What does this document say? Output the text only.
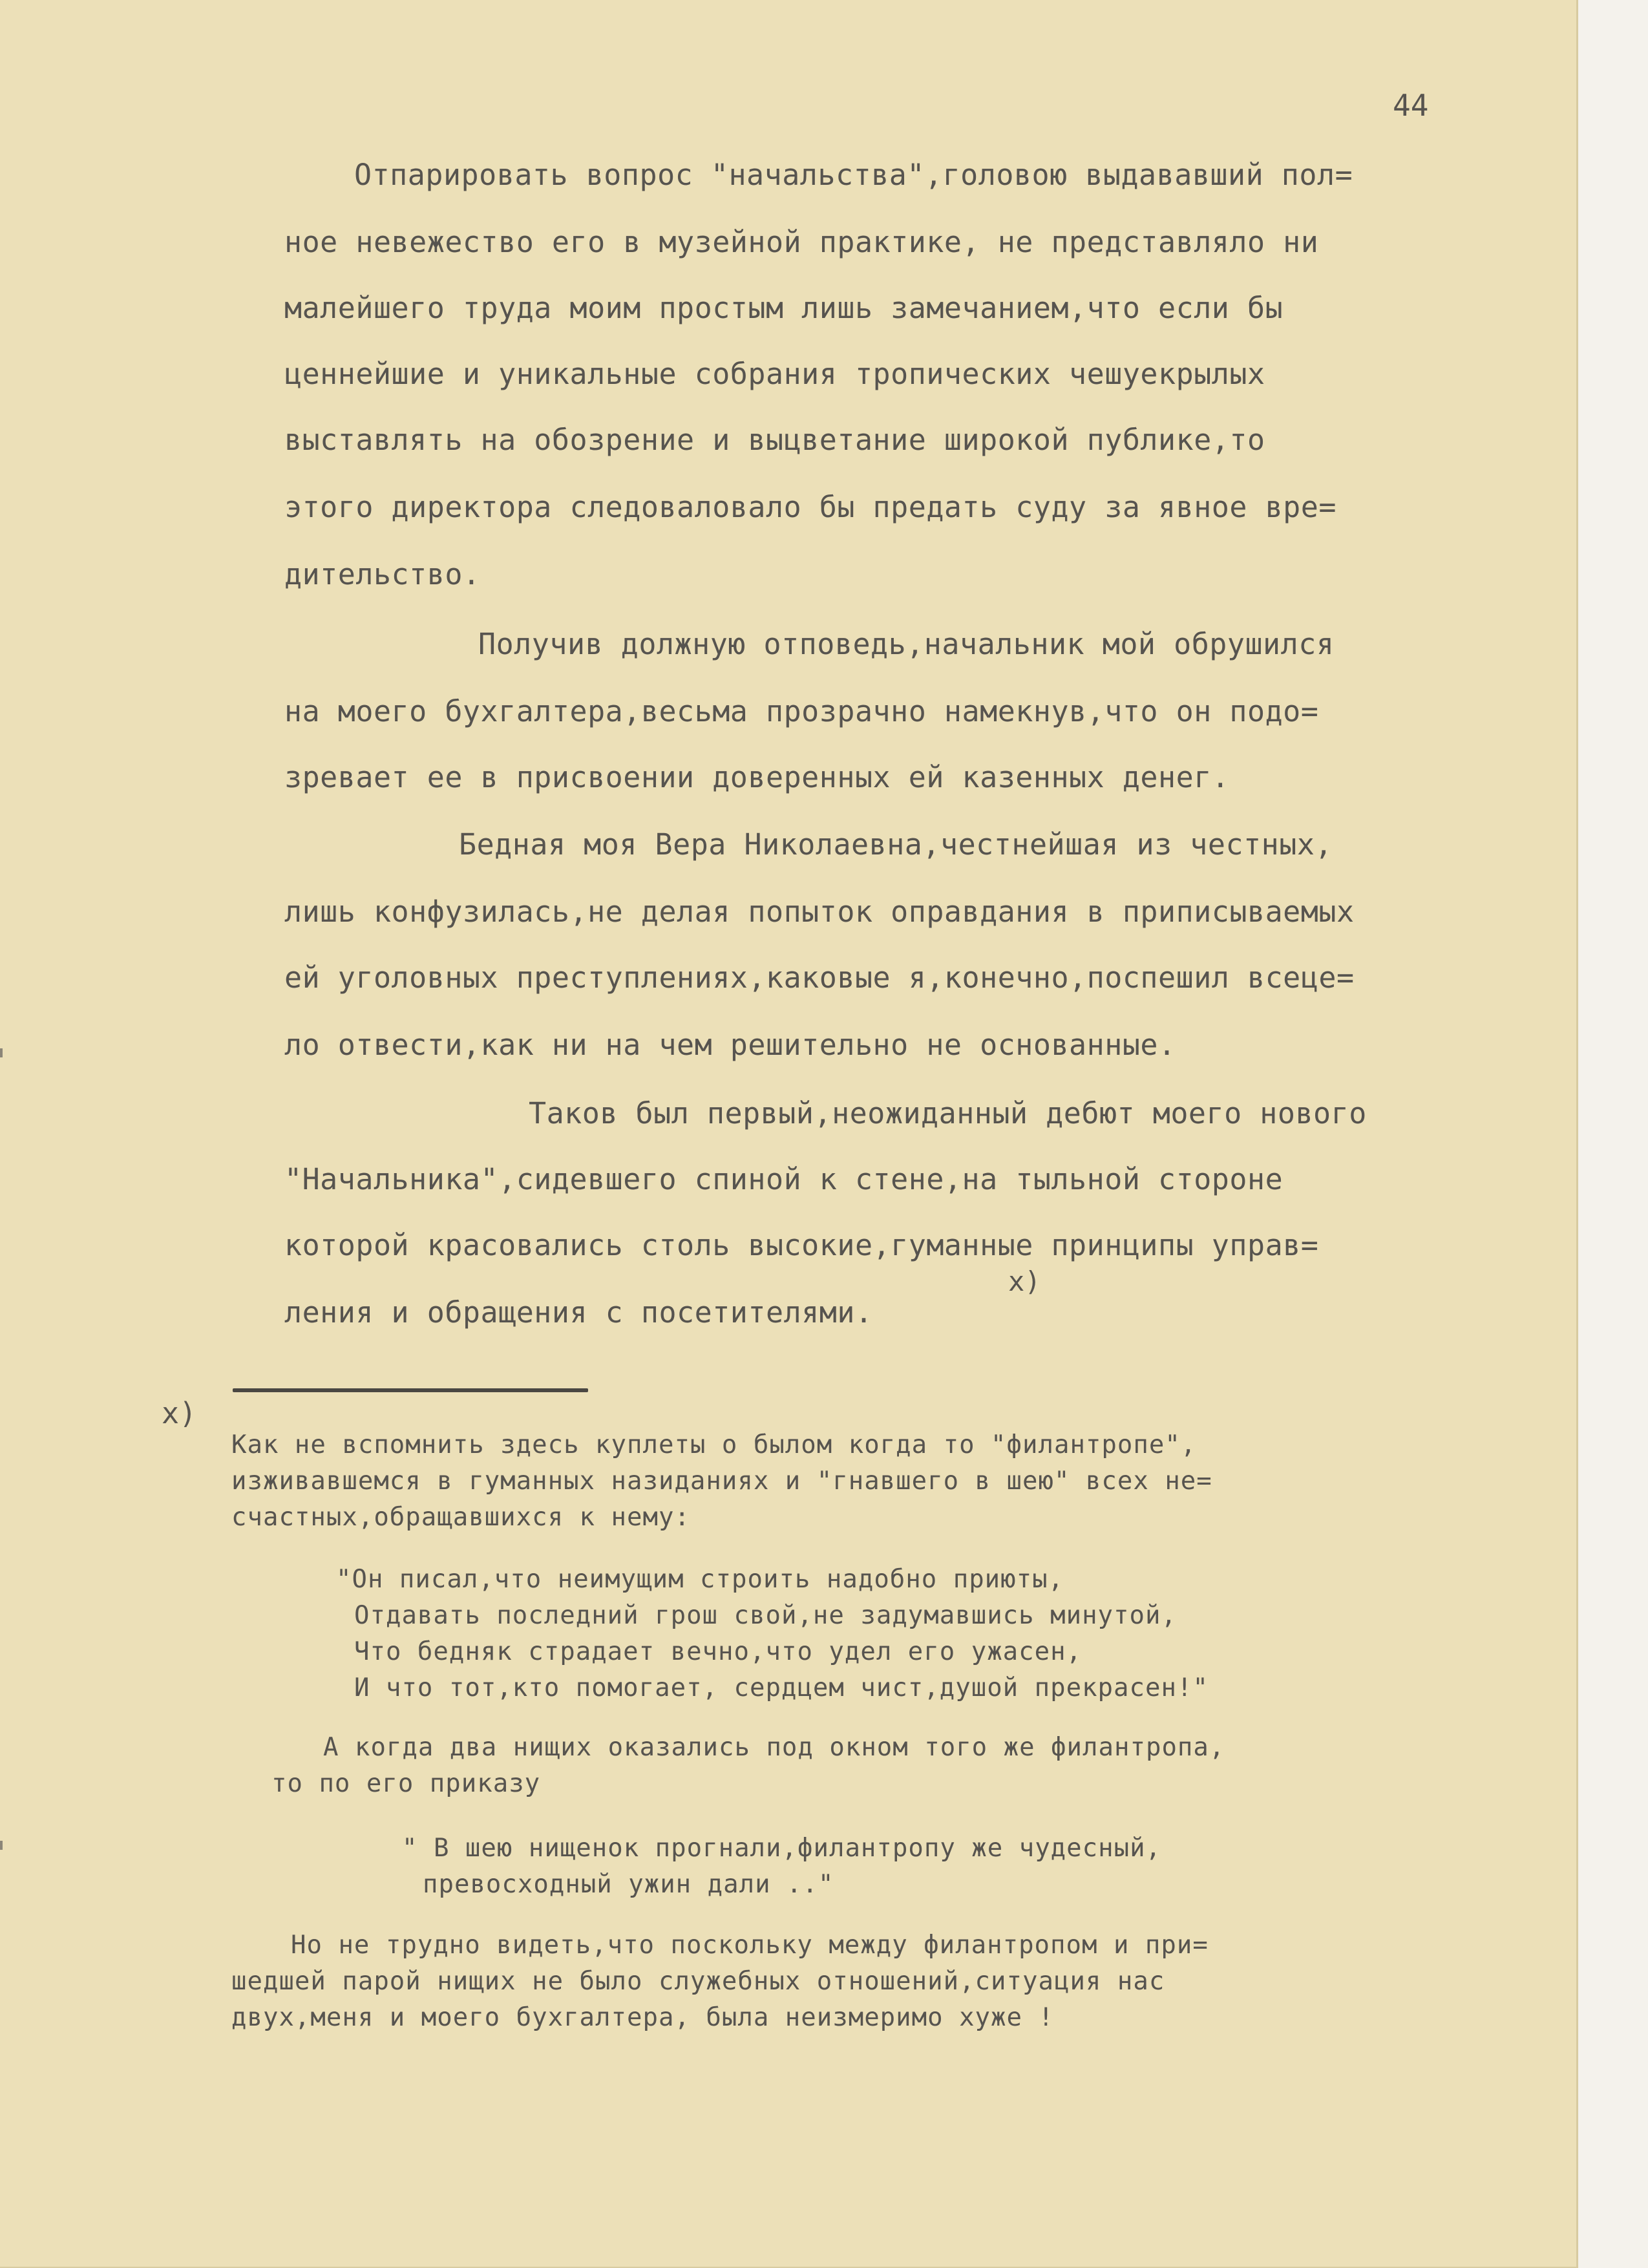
44
Отпарировать вопрос "начальства",головою выдававший пол=
ное невежество его в музейной практике, не представляло ни
малейшего труда моим простым лишь замечанием,что если бы
ценнейшие и уникальные собрания тропических чешуекрылых
выставлять на обозрение и выцветание широкой публике,то
этого директора следоваловало бы предать суду за явное вре=
дительство.
Получив должную отповедь,начальник мой обрушился
на моего бухгалтера,весьма прозрачно намекнув,что он подо=
зревает ее в присвоении доверенных ей казенных денег.
Бедная моя Вера Николаевна,честнейшая из честных,
лишь конфузилась,не делая попыток оправдания в приписываемых
ей уголовных преступлениях,каковые я,конечно,поспешил всеце=
ло отвести,как ни на чем решительно не основанные.
Таков был первый,неожиданный дебют моего нового
"Начальника",сидевшего спиной к стене,на тыльной стороне
которой красовались столь высокие,гуманные принципы управ=
x)
ления и обращения с посетителями.
x)
Как не вспомнить здесь куплеты о былом когда то "филантропе",
изживавшемся в гуманных назиданиях и "гнавшего в шею" всех не=
счастных,обращавшихся к нему:
"Он писал,что неимущим строить надобно приюты,
Отдавать последний грош свой,не задумавшись минутой,
Что бедняк страдает вечно,что удел его ужасен,
И что тот,кто помогает, сердцем чист,душой прекрасен!"
А когда два нищих оказались под окном того же филантропа,
то по его приказу
" В шею нищенок прогнали,филантропу же чудесный,
превосходный ужин дали .."
Но не трудно видеть,что поскольку между филантропом и при=
шедшей парой нищих не было служебных отношений,ситуация нас
двух,меня и моего бухгалтера, была неизмеримо хуже !
